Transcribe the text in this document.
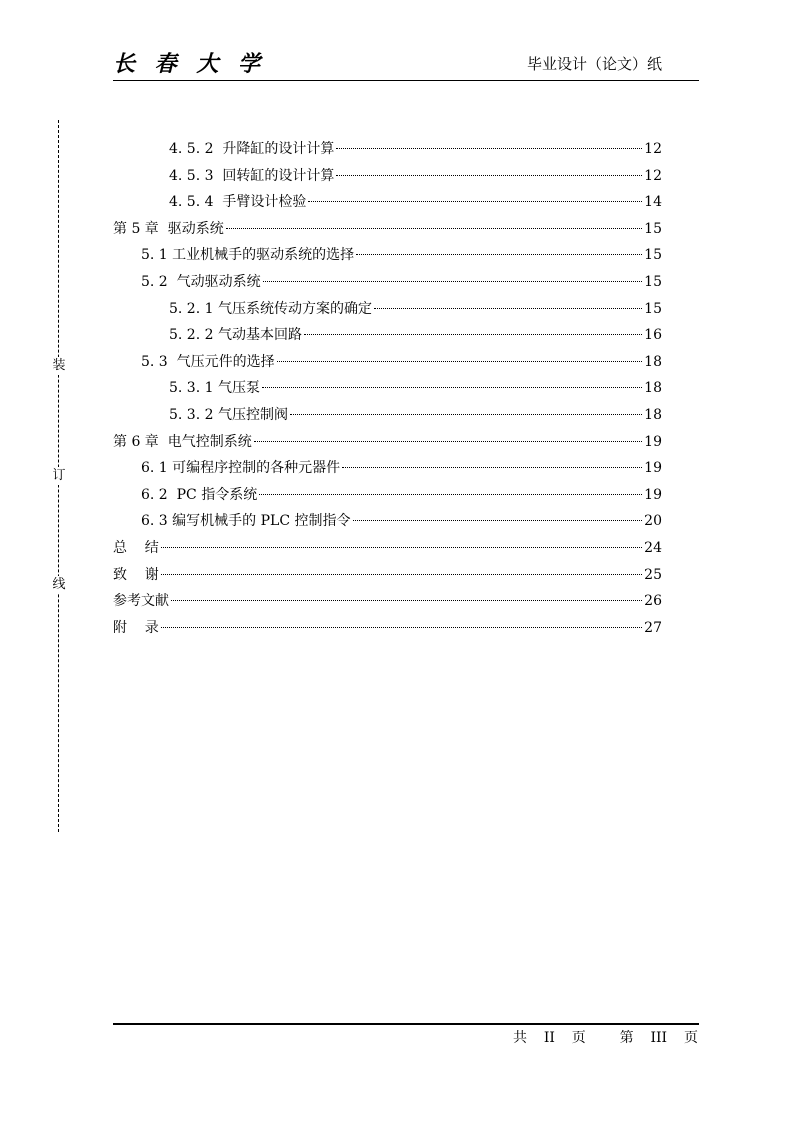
长 春 大 学	毕业设计（论文）纸
装
订
线
4. 5. 2  升降缸的设计计算	12
4. 5. 3  回转缸的设计计算	12
4. 5. 4  手臂设计检验	14
第 5 章  驱动系统	15
5. 1 工业机械手的驱动系统的选择	15
5. 2  气动驱动系统	15
5. 2. 1 气压系统传动方案的确定	15
5. 2. 2 气动基本回路	16
5. 3  气压元件的选择	18
5. 3. 1 气压泵	18
5. 3. 2 气压控制阀	18
第 6 章  电气控制系统	19
6. 1 可编程序控制的各种元器件	19
6. 2  PC 指令系统	19
6. 3 编写机械手的 PLC 控制指令	20
总    结	24
致    谢	25
参考文献	26
附    录	27
共  II  页    第  III  页
